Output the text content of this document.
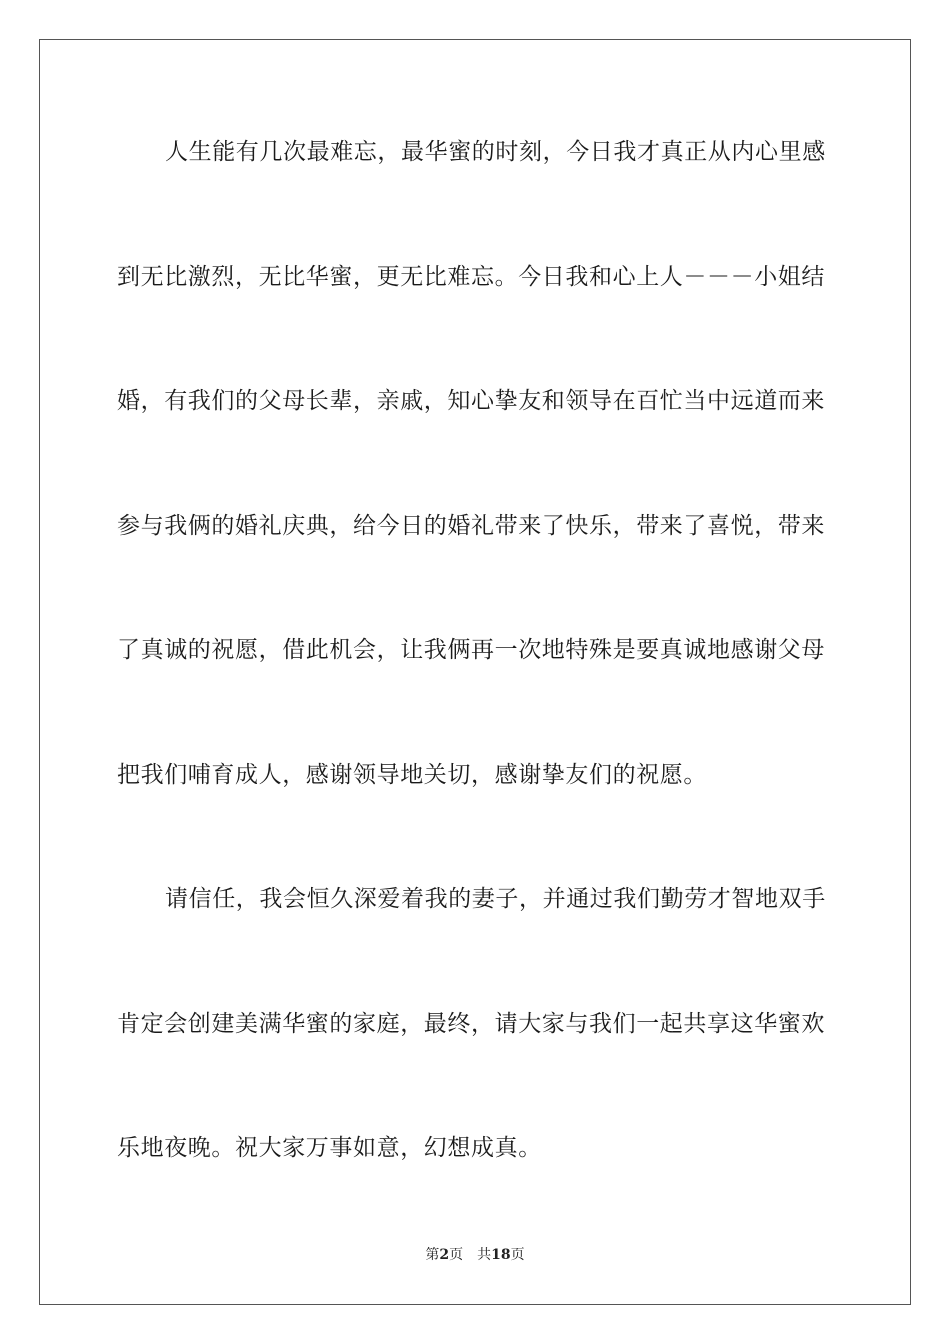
人生能有几次最难忘，最华蜜的时刻，今日我才真正从内心里感
到无比激烈，无比华蜜，更无比难忘。今日我和心上人－－－小姐结
婚，有我们的父母长辈，亲戚，知心挚友和领导在百忙当中远道而来
参与我俩的婚礼庆典，给今日的婚礼带来了快乐，带来了喜悦，带来
了真诚的祝愿，借此机会，让我俩再一次地特殊是要真诚地感谢父母
把我们哺育成人，感谢领导地关切，感谢挚友们的祝愿。
请信任，我会恒久深爱着我的妻子，并通过我们勤劳才智地双手
肯定会创建美满华蜜的家庭，最终，请大家与我们一起共享这华蜜欢
乐地夜晚。祝大家万事如意，幻想成真。
第2页 共18页
